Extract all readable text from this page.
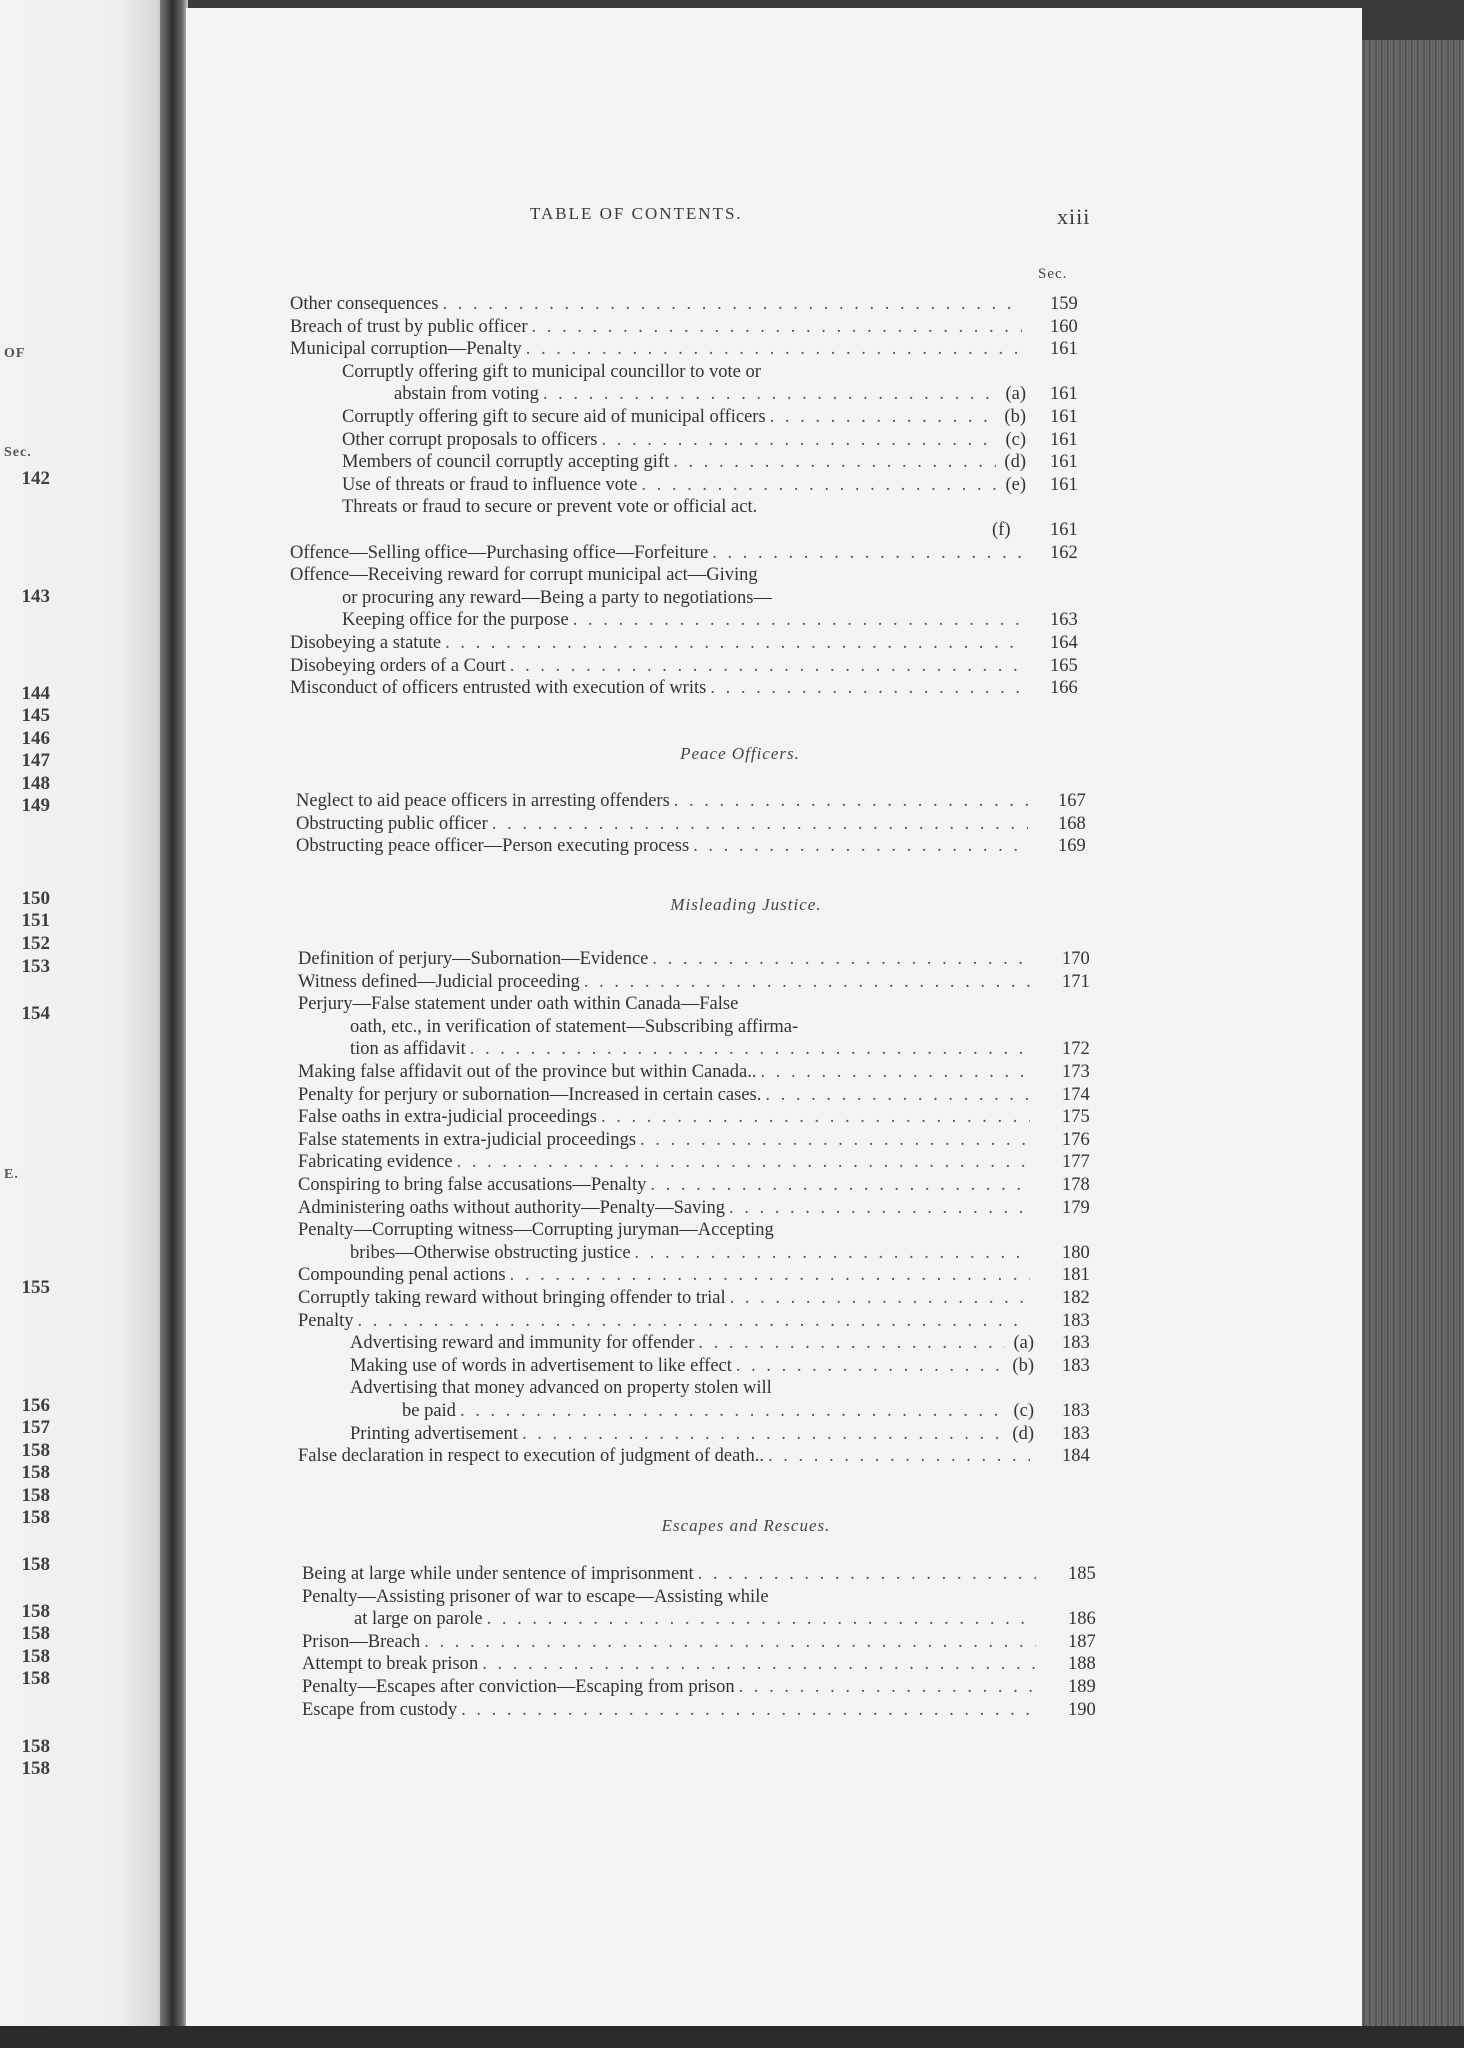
OF
Sec.
E.
142
143
144
145
146
147
148
149
150
151
152
153
154
155
156
157
158
158
158
158
158
158
158
158
158
158
158
TABLE OF CONTENTS.	xiii
Sec.
Other consequences . . .	159
Breach of trust by public officer . . .	160
Municipal corruption—Penalty . . .	161
Corruptly offering gift to municipal councillor to vote or
abstain from voting . . .	(a) 161
Corruptly offering gift to secure aid of municipal officers . . .	(b) 161
Other corrupt proposals to officers . . .	(c) 161
Members of council corruptly accepting gift . . .	(d) 161
Use of threats or fraud to influence vote . . .	(e) 161
Threats or fraud to secure or prevent vote or official act.
(f) 161
Offence—Selling office—Purchasing office—Forfeiture . . .	162
Offence—Receiving reward for corrupt municipal act—Giving
or procuring any reward—Being a party to negotiations—
Keeping office for the purpose . . .	163
Disobeying a statute . . .	164
Disobeying orders of a Court . . .	165
Misconduct of officers entrusted with execution of writs . . .	166
Peace Officers.
Neglect to aid peace officers in arresting offenders . . .	167
Obstructing public officer . . .	168
Obstructing peace officer—Person executing process . . .	169
Misleading Justice.
Definition of perjury—Subornation—Evidence . . .	170
Witness defined—Judicial proceeding . . .	171
Perjury—False statement under oath within Canada—False
oath, etc., in verification of statement—Subscribing affirma-
tion as affidavit . . .	172
Making false affidavit out of the province but within Canada.. . . .	173
Penalty for perjury or subornation—Increased in certain cases. . . .	174
False oaths in extra-judicial proceedings . . .	175
False statements in extra-judicial proceedings . . .	176
Fabricating evidence . . .	177
Conspiring to bring false accusations—Penalty . . .	178
Administering oaths without authority—Penalty—Saving . . .	179
Penalty—Corrupting witness—Corrupting juryman—Accepting
bribes—Otherwise obstructing justice . . .	180
Compounding penal actions . . .	181
Corruptly taking reward without bringing offender to trial . . .	182
Penalty . . .	183
Advertising reward and immunity for offender . . .	(a) 183
Making use of words in advertisement to like effect . . .	(b) 183
Advertising that money advanced on property stolen will
be paid . . .	(c) 183
Printing advertisement . . .	(d) 183
False declaration in respect to execution of judgment of death.. . . .	184
Escapes and Rescues.
Being at large while under sentence of imprisonment . . .	185
Penalty—Assisting prisoner of war to escape—Assisting while
at large on parole . . .	186
Prison—Breach . . .	187
Attempt to break prison . . .	188
Penalty—Escapes after conviction—Escaping from prison . . .	189
Escape from custody . . .	190
